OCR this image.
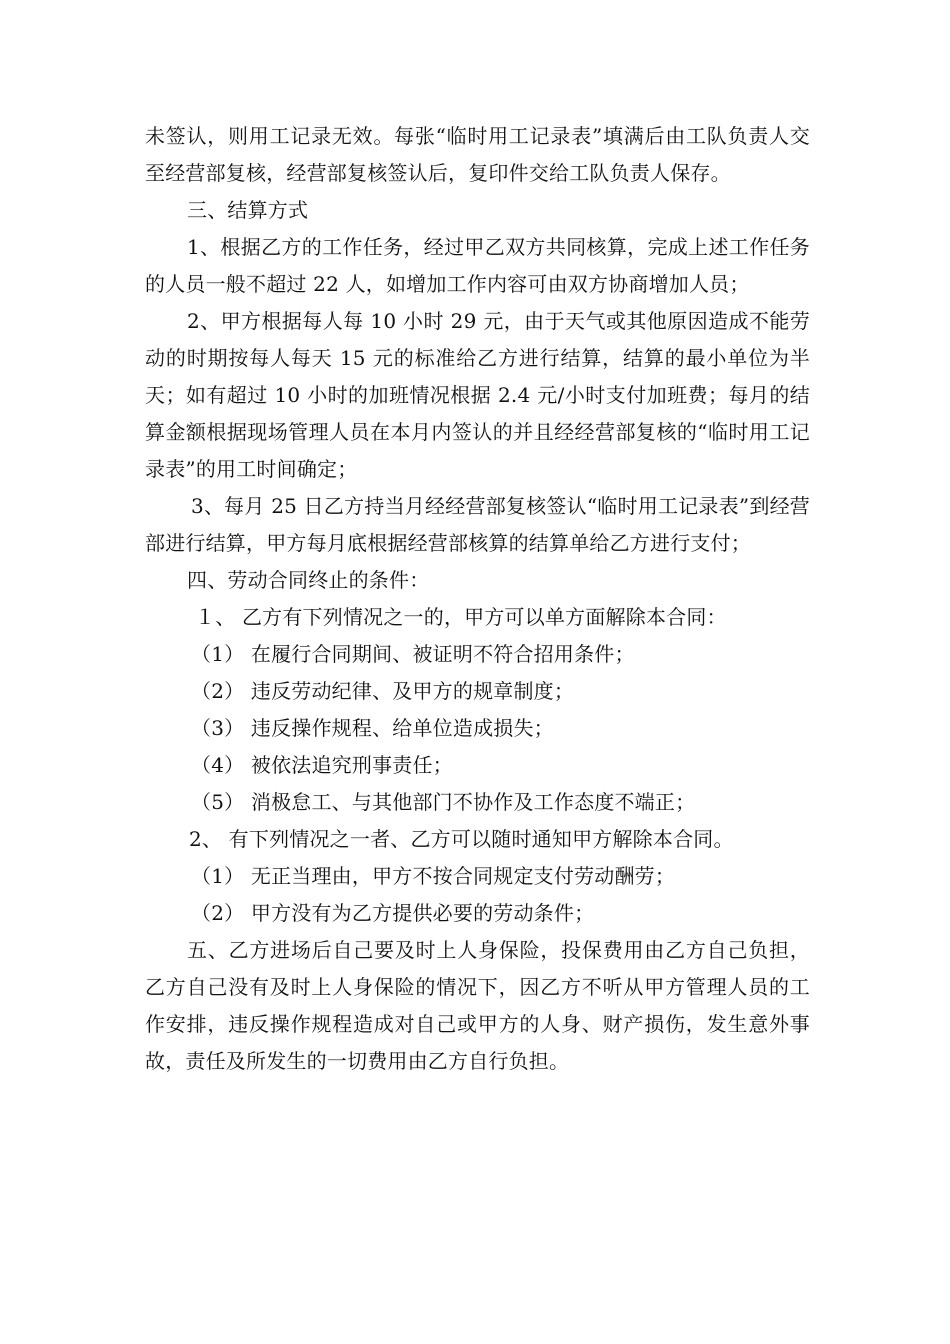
未签认，则用工记录无效。每张“临时用工记录表”填满后由工队负责人交至经营部复核，经营部复核签认后，复印件交给工队负责人保存。

三、结算方式

1、根据乙方的工作任务，经过甲乙双方共同核算，完成上述工作任务的人员一般不超过 22 人，如增加工作内容可由双方协商增加人员；

2、甲方根据每人每 10 小时 29 元，由于天气或其他原因造成不能劳动的时期按每人每天 15 元的标准给乙方进行结算，结算的最小单位为半天；如有超过 10 小时的加班情况根据 2.4 元/小时支付加班费；每月的结算金额根据现场管理人员在本月内签认的并且经经营部复核的“临时用工记录表”的用工时间确定；

3、每月 25 日乙方持当月经经营部复核签认“临时用工记录表”到经营部进行结算，甲方每月底根据经营部核算的结算单给乙方进行支付；

四、劳动合同终止的条件：

１、 乙方有下列情况之一的，甲方可以单方面解除本合同：

（1） 在履行合同期间、被证明不符合招用条件；

（2） 违反劳动纪律、及甲方的规章制度；

（3） 违反操作规程、给单位造成损失；

（4） 被依法追究刑事责任；

（5） 消极怠工、与其他部门不协作及工作态度不端正；

2、 有下列情况之一者、乙方可以随时通知甲方解除本合同。

（1） 无正当理由，甲方不按合同规定支付劳动酬劳；

（2） 甲方没有为乙方提供必要的劳动条件；

五、乙方进场后自己要及时上人身保险，投保费用由乙方自己负担，乙方自己没有及时上人身保险的情况下，因乙方不听从甲方管理人员的工作安排，违反操作规程造成对自己或甲方的人身、财产损伤，发生意外事故，责任及所发生的一切费用由乙方自行负担。
